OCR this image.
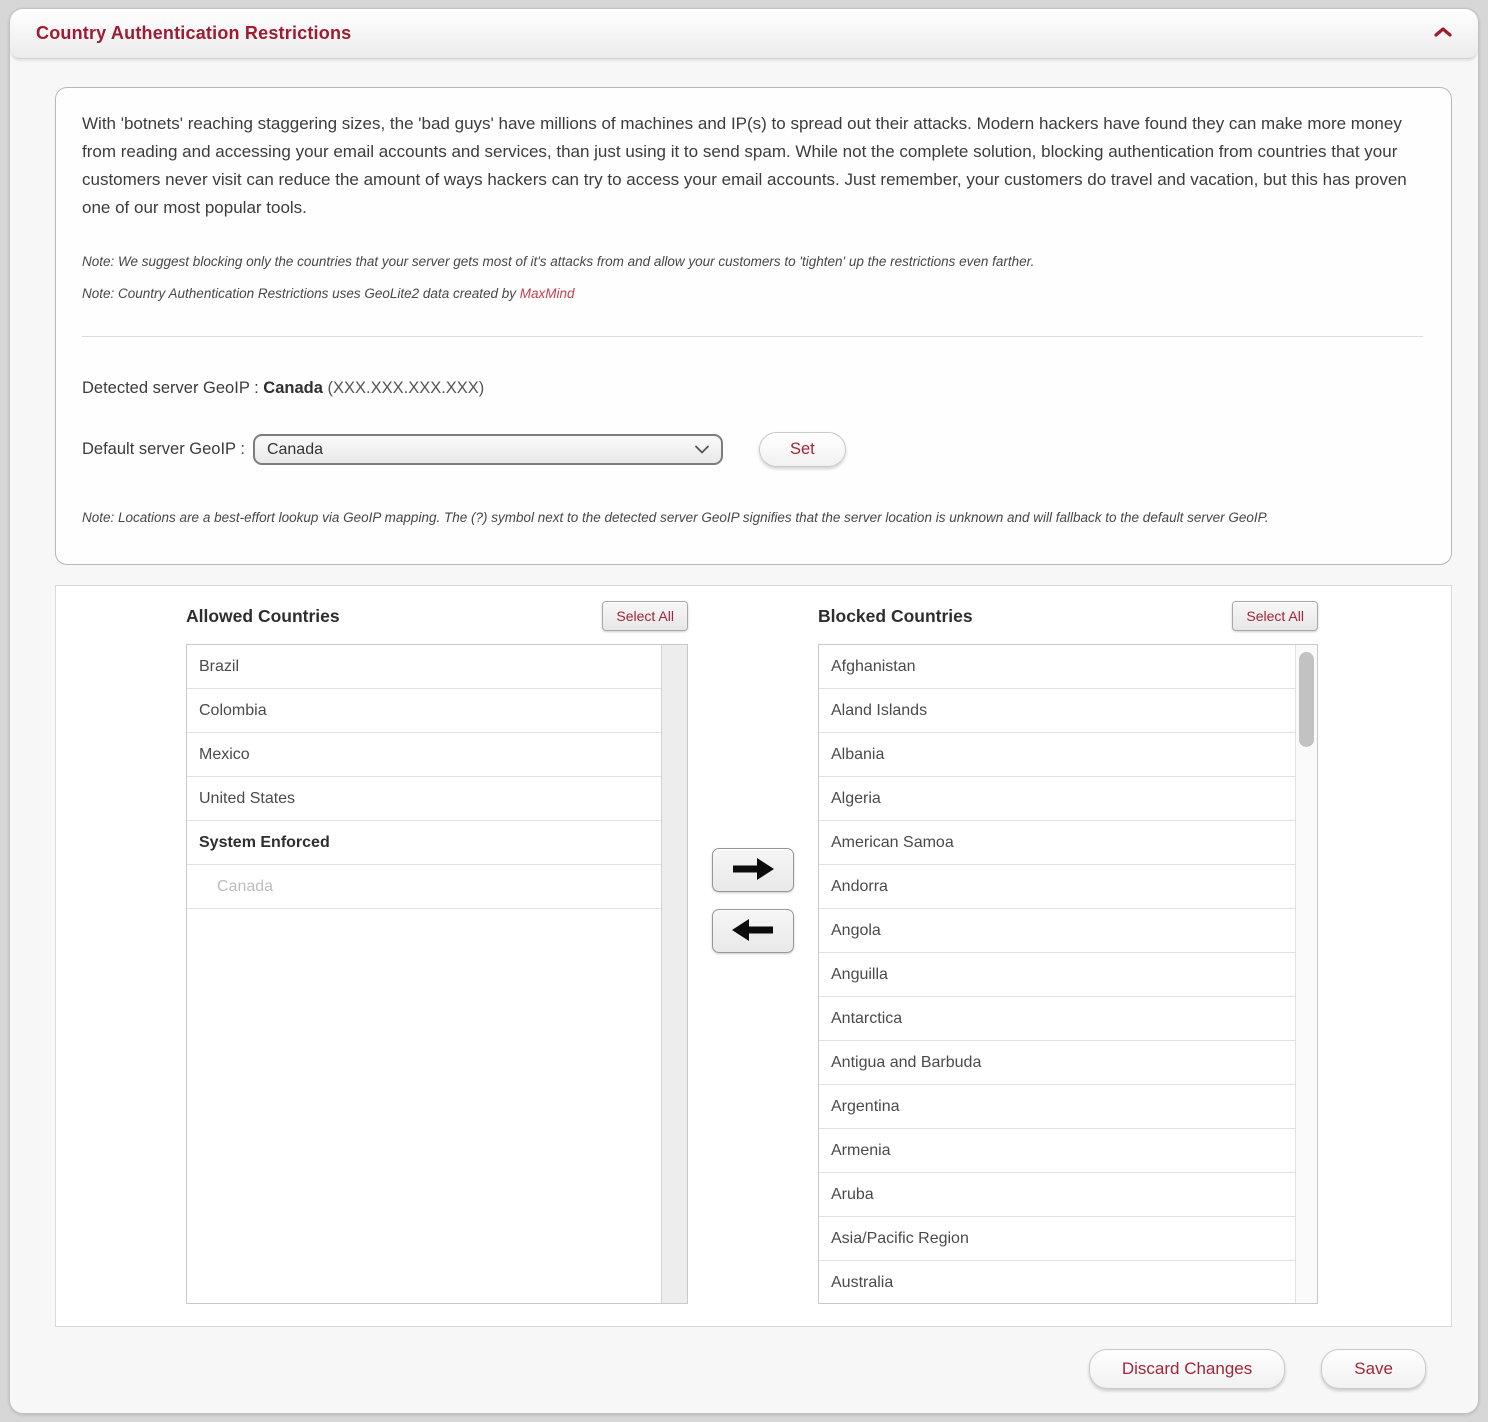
Country Authentication Restrictions

With 'botnets' reaching staggering sizes, the 'bad guys' have millions of machines and IP(s) to spread out their attacks. Modern hackers have found they can make more money from reading and accessing your email accounts and services, than just using it to send spam. While not the complete solution, blocking authentication from countries that your customers never visit can reduce the amount of ways hackers can try to access your email accounts. Just remember, your customers do travel and vacation, but this has proven one of our most popular tools.

Note: We suggest blocking only the countries that your server gets most of it's attacks from and allow your customers to 'tighten' up the restrictions even farther.
Note: Country Authentication Restrictions uses GeoLite2 data created by MaxMind
Detected server GeoIP : Canada (XXX.XXX.XXX.XXX)
Default server GeoIP : Canada	Set
Note: Locations are a best-effort lookup via GeoIP mapping. The (?) symbol next to the detected server GeoIP signifies that the server location is unknown and will fallback to the default server GeoIP.
Allowed Countries	Select All
Brazil
Colombia
Mexico
United States
System Enforced
Canada
Blocked Countries	Select All
Afghanistan
Aland Islands
Albania
Algeria
American Samoa
Andorra
Angola
Anguilla
Antarctica
Antigua and Barbuda
Argentina
Armenia
Aruba
Asia/Pacific Region
Australia
Discard Changes	Save
